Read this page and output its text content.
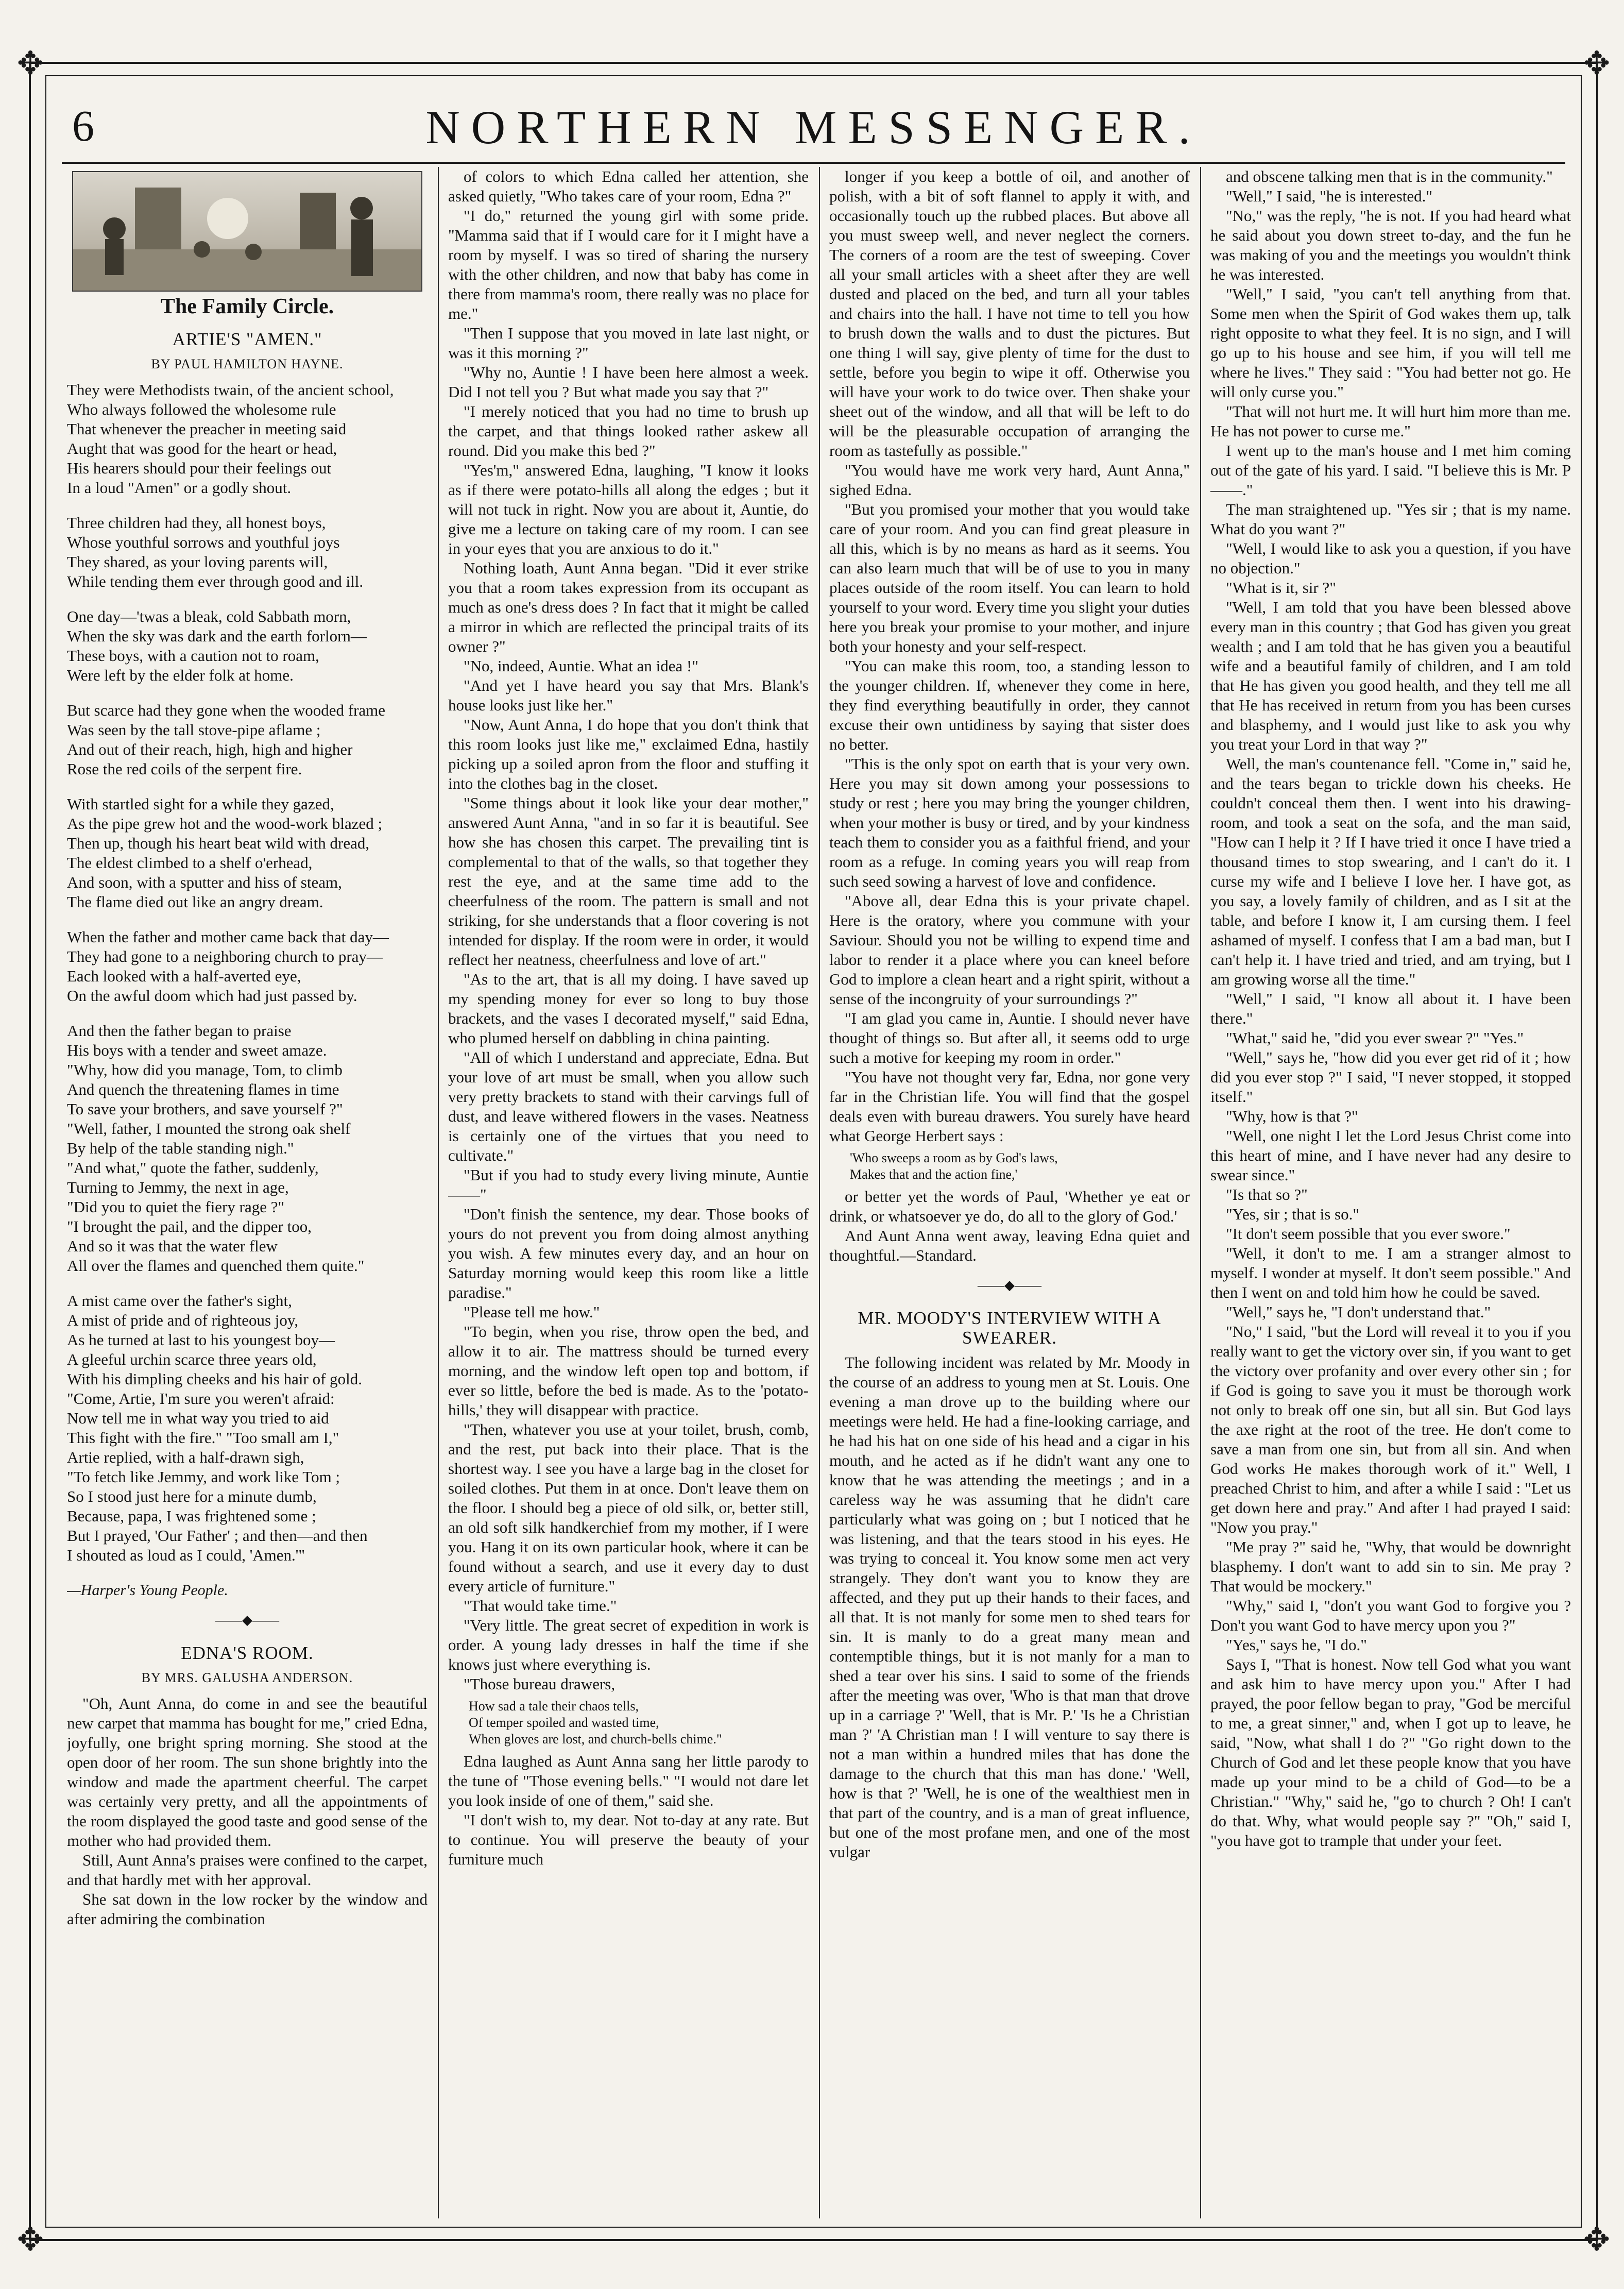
✥	✥
✥	✥
6	NORTHERN MESSENGER.
The Family Circle.
ARTIE'S "AMEN."
BY PAUL HAMILTON HAYNE.
They were Methodists twain, of the ancient school,
Who always followed the wholesome rule
That whenever the preacher in meeting said
Aught that was good for the heart or head,
His hearers should pour their feelings out
In a loud "Amen" or a godly shout.
Three children had they, all honest boys,
Whose youthful sorrows and youthful joys
They shared, as your loving parents will,
While tending them ever through good and ill.
One day—'twas a bleak, cold Sabbath morn,
When the sky was dark and the earth forlorn—
These boys, with a caution not to roam,
Were left by the elder folk at home.
But scarce had they gone when the wooded frame
Was seen by the tall stove-pipe aflame ;
And out of their reach, high, high and higher
Rose the red coils of the serpent fire.
With startled sight for a while they gazed,
As the pipe grew hot and the wood-work blazed ;
Then up, though his heart beat wild with dread,
The eldest climbed to a shelf o'erhead,
And soon, with a sputter and hiss of steam,
The flame died out like an angry dream.
When the father and mother came back that day—
They had gone to a neighboring church to pray—
Each looked with a half-averted eye,
On the awful doom which had just passed by.
And then the father began to praise
His boys with a tender and sweet amaze.
"Why, how did you manage, Tom, to climb
And quench the threatening flames in time
To save your brothers, and save yourself ?"
"Well, father, I mounted the strong oak shelf
By help of the table standing nigh."
"And what," quote the father, suddenly,
Turning to Jemmy, the next in age,
"Did you to quiet the fiery rage ?"
"I brought the pail, and the dipper too,
And so it was that the water flew
All over the flames and quenched them quite."
A mist came over the father's sight,
A mist of pride and of righteous joy,
As he turned at last to his youngest boy—
A gleeful urchin scarce three years old,
With his dimpling cheeks and his hair of gold.
"Come, Artie, I'm sure you weren't afraid:
Now tell me in what way you tried to aid
This fight with the fire." "Too small am I,"
Artie replied, with a half-drawn sigh,
"To fetch like Jemmy, and work like Tom ;
So I stood just here for a minute dumb,
Because, papa, I was frightened some ;
But I prayed, 'Our Father' ; and then—and then
I shouted as loud as I could, 'Amen.'"
—Harper's Young People.
——◆——
EDNA'S ROOM.
BY MRS. GALUSHA ANDERSON.

"Oh, Aunt Anna, do come in and see the beautiful new carpet that mamma has bought for me," cried Edna, joyfully, one bright spring morning. She stood at the open door of her room. The sun shone brightly into the window and made the apartment cheerful. The carpet was certainly very pretty, and all the appointments of the room displayed the good taste and good sense of the mother who had provided them.

Still, Aunt Anna's praises were confined to the carpet, and that hardly met with her approval.

She sat down in the low rocker by the window and after admiring the combination

of colors to which Edna called her attention, she asked quietly, "Who takes care of your room, Edna ?"

"I do," returned the young girl with some pride. "Mamma said that if I would care for it I might have a room by myself. I was so tired of sharing the nursery with the other children, and now that baby has come in there from mamma's room, there really was no place for me."

"Then I suppose that you moved in late last night, or was it this morning ?"

"Why no, Auntie ! I have been here almost a week. Did I not tell you ? But what made you say that ?"

"I merely noticed that you had no time to brush up the carpet, and that things looked rather askew all round. Did you make this bed ?"

"Yes'm," answered Edna, laughing, "I know it looks as if there were potato-hills all along the edges ; but it will not tuck in right. Now you are about it, Auntie, do give me a lecture on taking care of my room. I can see in your eyes that you are anxious to do it."

Nothing loath, Aunt Anna began. "Did it ever strike you that a room takes expression from its occupant as much as one's dress does ? In fact that it might be called a mirror in which are reflected the principal traits of its owner ?"

"No, indeed, Auntie. What an idea !"

"And yet I have heard you say that Mrs. Blank's house looks just like her."

"Now, Aunt Anna, I do hope that you don't think that this room looks just like me," exclaimed Edna, hastily picking up a soiled apron from the floor and stuffing it into the clothes bag in the closet.

"Some things about it look like your dear mother," answered Aunt Anna, "and in so far it is beautiful. See how she has chosen this carpet. The prevailing tint is complemental to that of the walls, so that together they rest the eye, and at the same time add to the cheerfulness of the room. The pattern is small and not striking, for she understands that a floor covering is not intended for display. If the room were in order, it would reflect her neatness, cheerfulness and love of art."

"As to the art, that is all my doing. I have saved up my spending money for ever so long to buy those brackets, and the vases I decorated myself," said Edna, who plumed herself on dabbling in china painting.

"All of which I understand and appreciate, Edna. But your love of art must be small, when you allow such very pretty brackets to stand with their carvings full of dust, and leave withered flowers in the vases. Neatness is certainly one of the virtues that you need to cultivate."

"But if you had to study every living minute, Auntie——"

"Don't finish the sentence, my dear. Those books of yours do not prevent you from doing almost anything you wish. A few minutes every day, and an hour on Saturday morning would keep this room like a little paradise."

"Please tell me how."

"To begin, when you rise, throw open the bed, and allow it to air. The mattress should be turned every morning, and the window left open top and bottom, if ever so little, before the bed is made. As to the 'potato-hills,' they will disappear with practice.

"Then, whatever you use at your toilet, brush, comb, and the rest, put back into their place. That is the shortest way. I see you have a large bag in the closet for soiled clothes. Put them in at once. Don't leave them on the floor. I should beg a piece of old silk, or, better still, an old soft silk handkerchief from my mother, if I were you. Hang it on its own particular hook, where it can be found without a search, and use it every day to dust every article of furniture."

"That would take time."

"Very little. The great secret of expedition in work is order. A young lady dresses in half the time if she knows just where everything is.

"Those bureau drawers,

How sad a tale their chaos tells,
Of temper spoiled and wasted time,
When gloves are lost, and church-bells chime."

Edna laughed as Aunt Anna sang her little parody to the tune of "Those evening bells." "I would not dare let you look inside of one of them," said she.

"I don't wish to, my dear. Not to-day at any rate. But to continue. You will preserve the beauty of your furniture much

longer if you keep a bottle of oil, and another of polish, with a bit of soft flannel to apply it with, and occasionally touch up the rubbed places. But above all you must sweep well, and never neglect the corners. The corners of a room are the test of sweeping. Cover all your small articles with a sheet after they are well dusted and placed on the bed, and turn all your tables and chairs into the hall. I have not time to tell you how to brush down the walls and to dust the pictures. But one thing I will say, give plenty of time for the dust to settle, before you begin to wipe it off. Otherwise you will have your work to do twice over. Then shake your sheet out of the window, and all that will be left to do will be the pleasurable occupation of arranging the room as tastefully as possible."

"You would have me work very hard, Aunt Anna," sighed Edna.

"But you promised your mother that you would take care of your room. And you can find great pleasure in all this, which is by no means as hard as it seems. You can also learn much that will be of use to you in many places outside of the room itself. You can learn to hold yourself to your word. Every time you slight your duties here you break your promise to your mother, and injure both your honesty and your self-respect.

"You can make this room, too, a standing lesson to the younger children. If, whenever they come in here, they find everything beautifully in order, they cannot excuse their own untidiness by saying that sister does no better.

"This is the only spot on earth that is your very own. Here you may sit down among your possessions to study or rest ; here you may bring the younger children, when your mother is busy or tired, and by your kindness teach them to consider you as a faithful friend, and your room as a refuge. In coming years you will reap from such seed sowing a harvest of love and confidence.

"Above all, dear Edna this is your private chapel. Here is the oratory, where you commune with your Saviour. Should you not be willing to expend time and labor to render it a place where you can kneel before God to implore a clean heart and a right spirit, without a sense of the incongruity of your surroundings ?"

"I am glad you came in, Auntie. I should never have thought of things so. But after all, it seems odd to urge such a motive for keeping my room in order."

"You have not thought very far, Edna, nor gone very far in the Christian life. You will find that the gospel deals even with bureau drawers. You surely have heard what George Herbert says :

'Who sweeps a room as by God's laws,
Makes that and the action fine,'

or better yet the words of Paul, 'Whether ye eat or drink, or whatsoever ye do, do all to the glory of God.'

And Aunt Anna went away, leaving Edna quiet and thoughtful.—Standard.

——◆——
MR. MOODY'S INTERVIEW WITH A SWEARER.

The following incident was related by Mr. Moody in the course of an address to young men at St. Louis. One evening a man drove up to the building where our meetings were held. He had a fine-looking carriage, and he had his hat on one side of his head and a cigar in his mouth, and he acted as if he didn't want any one to know that he was attending the meetings ; and in a careless way he was assuming that he didn't care particularly what was going on ; but I noticed that he was listening, and that the tears stood in his eyes. He was trying to conceal it. You know some men act very strangely. They don't want you to know they are affected, and they put up their hands to their faces, and all that. It is not manly for some men to shed tears for sin. It is manly to do a great many mean and contemptible things, but it is not manly for a man to shed a tear over his sins. I said to some of the friends after the meeting was over, 'Who is that man that drove up in a carriage ?' 'Well, that is Mr. P.' 'Is he a Christian man ?' 'A Christian man ! I will venture to say there is not a man within a hundred miles that has done the damage to the church that this man has done.' 'Well, how is that ?' 'Well, he is one of the wealthiest men in that part of the country, and is a man of great influence, but one of the most profane men, and one of the most vulgar

and obscene talking men that is in the community."

"Well," I said, "he is interested."

"No," was the reply, "he is not. If you had heard what he said about you down street to-day, and the fun he was making of you and the meetings you wouldn't think he was interested.

"Well," I said, "you can't tell anything from that. Some men when the Spirit of God wakes them up, talk right opposite to what they feel. It is no sign, and I will go up to his house and see him, if you will tell me where he lives." They said : "You had better not go. He will only curse you."

"That will not hurt me. It will hurt him more than me. He has not power to curse me."

I went up to the man's house and I met him coming out of the gate of his yard. I said. "I believe this is Mr. P——."

The man straightened up. "Yes sir ; that is my name. What do you want ?"

"Well, I would like to ask you a question, if you have no objection."

"What is it, sir ?"

"Well, I am told that you have been blessed above every man in this country ; that God has given you great wealth ; and I am told that he has given you a beautiful wife and a beautiful family of children, and I am told that He has given you good health, and they tell me all that He has received in return from you has been curses and blasphemy, and I would just like to ask you why you treat your Lord in that way ?"

Well, the man's countenance fell. "Come in," said he, and the tears began to trickle down his cheeks. He couldn't conceal them then. I went into his drawing-room, and took a seat on the sofa, and the man said, "How can I help it ? If I have tried it once I have tried a thousand times to stop swearing, and I can't do it. I curse my wife and I believe I love her. I have got, as you say, a lovely family of children, and as I sit at the table, and before I know it, I am cursing them. I feel ashamed of myself. I confess that I am a bad man, but I can't help it. I have tried and tried, and am trying, but I am growing worse all the time."

"Well," I said, "I know all about it. I have been there."

"What," said he, "did you ever swear ?" "Yes."

"Well," says he, "how did you ever get rid of it ; how did you ever stop ?" I said, "I never stopped, it stopped itself."

"Why, how is that ?"

"Well, one night I let the Lord Jesus Christ come into this heart of mine, and I have never had any desire to swear since."

"Is that so ?"

"Yes, sir ; that is so."

"It don't seem possible that you ever swore."

"Well, it don't to me. I am a stranger almost to myself. I wonder at myself. It don't seem possible." And then I went on and told him how he could be saved.

"Well," says he, "I don't understand that."

"No," I said, "but the Lord will reveal it to you if you really want to get the victory over sin, if you want to get the victory over profanity and over every other sin ; for if God is going to save you it must be thorough work not only to break off one sin, but all sin. But God lays the axe right at the root of the tree. He don't come to save a man from one sin, but from all sin. And when God works He makes thorough work of it." Well, I preached Christ to him, and after a while I said : "Let us get down here and pray." And after I had prayed I said: "Now you pray."

"Me pray ?" said he, "Why, that would be downright blasphemy. I don't want to add sin to sin. Me pray ? That would be mockery."

"Why," said I, "don't you want God to forgive you ? Don't you want God to have mercy upon you ?"

"Yes," says he, "I do."

Says I, "That is honest. Now tell God what you want and ask him to have mercy upon you." After I had prayed, the poor fellow began to pray, "God be merciful to me, a great sinner," and, when I got up to leave, he said, "Now, what shall I do ?" "Go right down to the Church of God and let these people know that you have made up your mind to be a child of God—to be a Christian." "Why," said he, "go to church ? Oh! I can't do that. Why, what would people say ?" "Oh," said I, "you have got to trample that under your feet.
